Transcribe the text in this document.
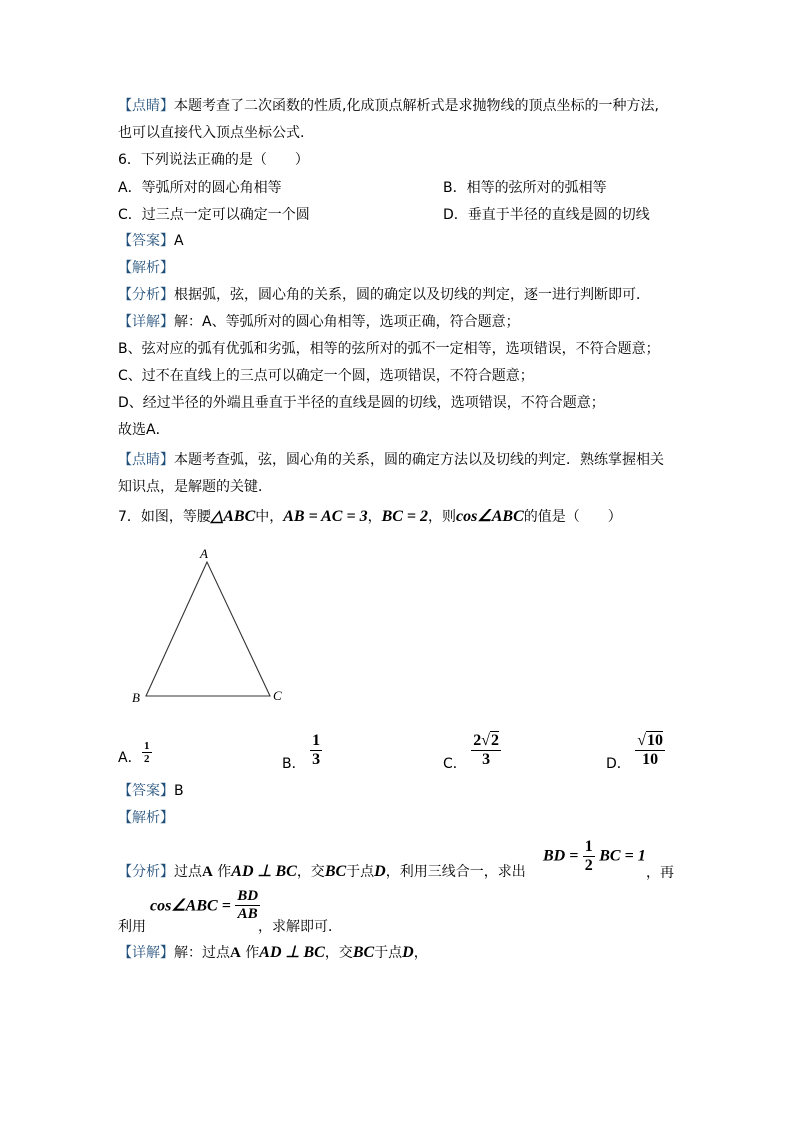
【点睛】本题考查了二次函数的性质,化成顶点解析式是求抛物线的顶点坐标的一种方法,
也可以直接代入顶点坐标公式.
6．下列说法正确的是（　　）
A．等弧所对的圆心角相等	B．相等的弦所对的弧相等
C．过三点一定可以确定一个圆	D．垂直于半径的直线是圆的切线
【答案】A
【解析】
【分析】根据弧，弦，圆心角的关系，圆的确定以及切线的判定，逐一进行判断即可．
【详解】解：A、等弧所对的圆心角相等，选项正确，符合题意；
B、弦对应的弧有优弧和劣弧，相等的弦所对的弧不一定相等，选项错误，不符合题意；
C、过不在直线上的三点可以确定一个圆，选项错误，不符合题意；
D、经过半径的外端且垂直于半径的直线是圆的切线，选项错误，不符合题意；
故选A．
【点睛】本题考查弧，弦，圆心角的关系，圆的确定方法以及切线的判定．熟练掌握相关
知识点，是解题的关键．
7．如图，等腰△ABC中，AB = AC = 3，BC = 2，则cos∠ABC的值是（　　）
A
B	C
A． $\frac{1}{2}$	B． $\frac{1}{3}$	C． $\frac{2√2}{3}$	D． $\frac{√10}{10}$
【答案】B
【解析】
【分析】过点A 作AD ⊥ BC，交BC于点D，利用三线合一，求出
BD = $\frac{1}{2}$ BC = 1
，再
利用
cos∠ABC = $\frac{BD}{AB}$
，求解即可．
【详解】解：过点A 作AD ⊥ BC，交BC于点D，
